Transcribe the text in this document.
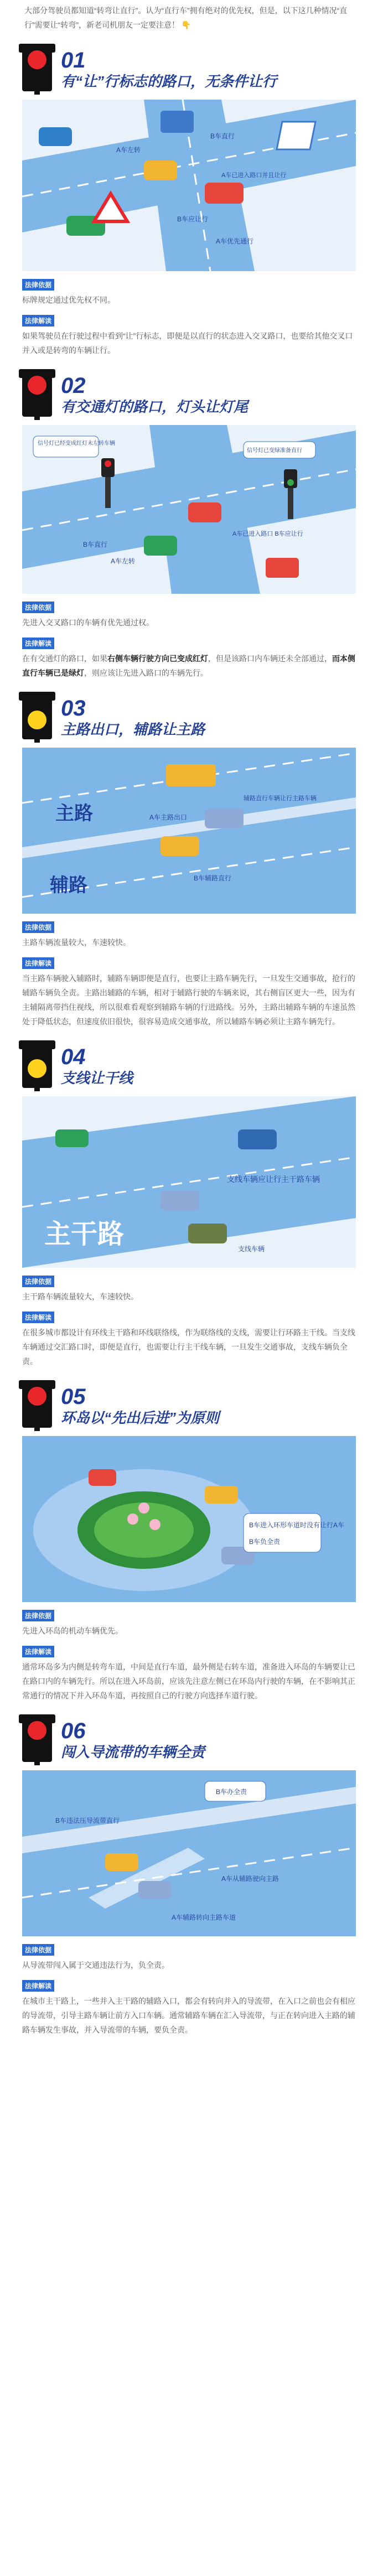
大部分驾驶员都知道“转弯让直行”。认为“直行车”拥有绝对的优先权，但是，以下这几种情况“直行”需要让“转弯”，新老司机朋友一定要注意！ 👇

01
有“让”行标志的路口，无条件让行
B车直行
A车左转
A车已进入路口并且让行
B车应让行
A车优先通行
法律依据

标牌规定通过优先权不同。

法律解读

如果驾驶员在行驶过程中看到“让”行标志，即便是以直行的状态进入交叉路口，也要给其他交叉口并入或是转弯的车辆让行。

02
有交通灯的路口，灯头让灯尾
信号灯已经变成红灯未左转车辆
信号灯已变绿准备直行
B车直行
A车左转
A车已进入路口 B车应让行
法律依据

先进入交叉路口的车辆有优先通过权。

法律解读

在有交通灯的路口，如果右侧车辆行驶方向已变成红灯，但是该路口内车辆还未全部通过，而本侧直行车辆已是绿灯，则应该让先进入路口的车辆先行。

03
主路出口，辅路让主路
主路
辅路
A车主路出口
辅路直行车辆让行主路车辆
B车辅路直行
法律依据

主路车辆流量较大，车速较快。

法律解读

当主路车辆驶入辅路时，辅路车辆即便是直行，也要让主路车辆先行，一旦发生交通事故，抢行的辅路车辆负全责。主路出辅路的车辆，相对于辅路行驶的车辆来说，其右侧盲区更大一些，因为有主辅隔离带挡住视线，所以很难看观察到辅路车辆的行进路线。另外，主路出辅路车辆的车速虽然处于降低状态，但速度依旧很快，很容易造成交通事故，所以辅路车辆必须让主路车辆先行。

04
支线让干线
主干路
支线车辆应让行主干路车辆
支线车辆
法律依据

主干路车辆流量较大，车速较快。

法律解读

在很多城市都设计有环线主干路和环线联络线，作为联络线的支线，需要让行环路主干线。当支线车辆通过交汇路口时，即便是直行，也需要让行主干线车辆，一旦发生交通事故，支线车辆负全责。

05
环岛以“先出后进”为原则
B车进入环形车道时没有让行A车
B车负全责
法律依据

先进入环岛的机动车辆优先。

法律解读

通常环岛多为内侧是转弯车道，中间是直行车道，最外侧是右转车道，准备进入环岛的车辆要让已在路口内的车辆先行。所以在进入环岛前，应该先注意左侧已在环岛内行驶的车辆，在不影响其正常通行的情况下并入环岛车道，再按照自己的行驶方向选择车道行驶。

06
闯入导流带的车辆全责
B车办全责
B车违法压导流带直行
A车从辅路驶向主路
A车辅路转向主路车道
法律依据

从导流带闯入属于交通违法行为，负全责。

法律解读

在城市主干路上，一些并入主干路的辅路入口，都会有转向并入的导流带，在入口之前也会有相应的导流带，引导主路车辆让前方入口车辆。通常辅路车辆在汇入导流带，与正在转向进入主路的辅路车辆发生事故，并入导流带的车辆，要负全责。
